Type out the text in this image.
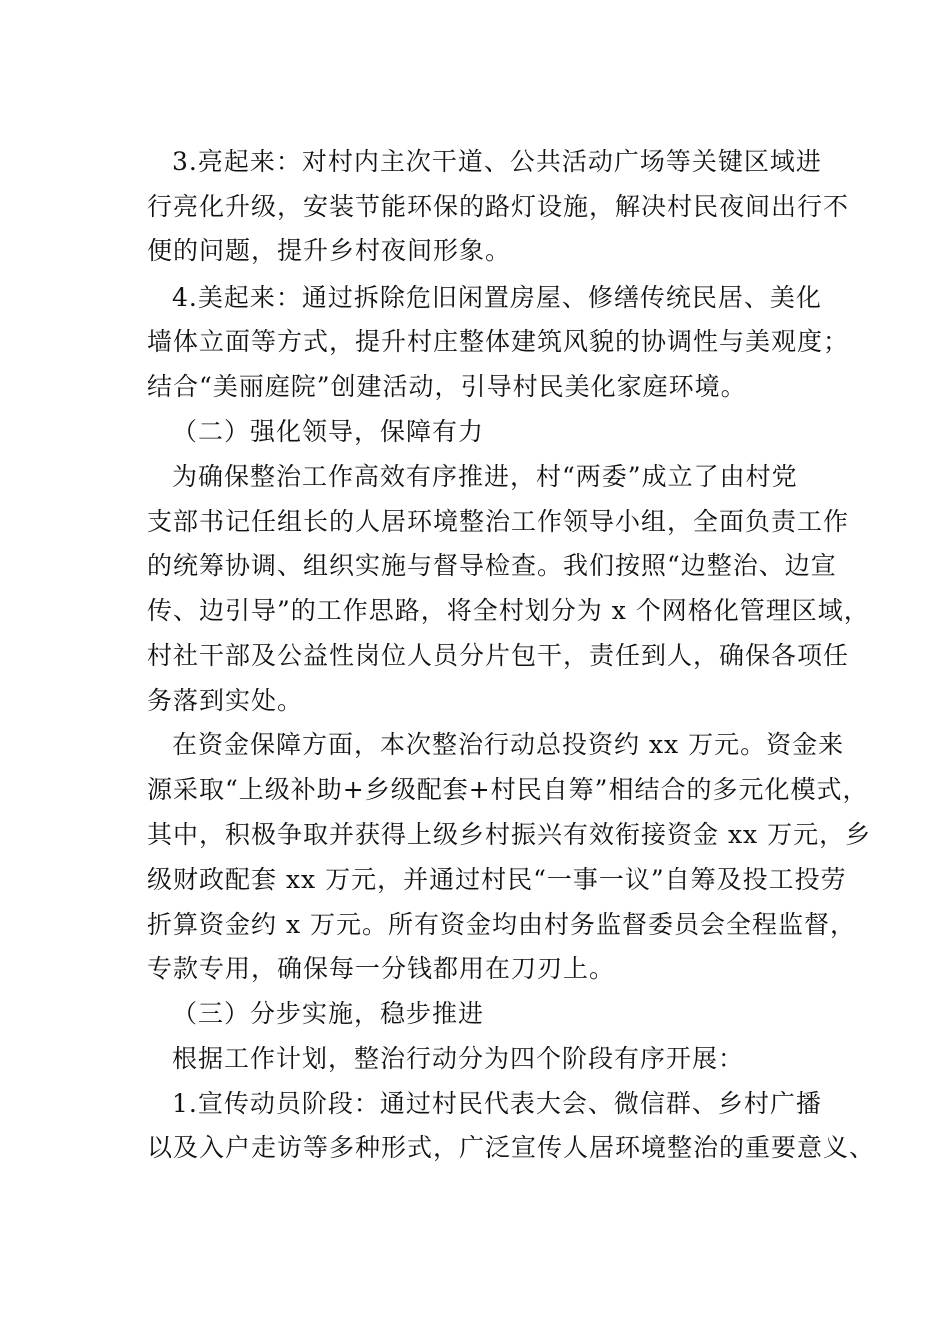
3.亮起来：对村内主次干道、公共活动广场等关键区域进
行亮化升级，安装节能环保的路灯设施，解决村民夜间出行不
便的问题，提升乡村夜间形象。
4.美起来：通过拆除危旧闲置房屋、修缮传统民居、美化
墙体立面等方式，提升村庄整体建筑风貌的协调性与美观度；
结合“美丽庭院”创建活动，引导村民美化家庭环境。
（二）强化领导，保障有力
为确保整治工作高效有序推进，村“两委”成立了由村党
支部书记任组长的人居环境整治工作领导小组，全面负责工作
的统筹协调、组织实施与督导检查。我们按照“边整治、边宣
传、边引导”的工作思路，将全村划分为 x 个网格化管理区域，
村社干部及公益性岗位人员分片包干，责任到人，确保各项任
务落到实处。
在资金保障方面，本次整治行动总投资约 xx 万元。资金来
源采取“上级补助+乡级配套+村民自筹”相结合的多元化模式，
其中，积极争取并获得上级乡村振兴有效衔接资金 xx 万元，乡
级财政配套 xx 万元，并通过村民“一事一议”自筹及投工投劳
折算资金约 x 万元。所有资金均由村务监督委员会全程监督，
专款专用，确保每一分钱都用在刀刃上。
（三）分步实施，稳步推进
根据工作计划，整治行动分为四个阶段有序开展：
1.宣传动员阶段：通过村民代表大会、微信群、乡村广播
以及入户走访等多种形式，广泛宣传人居环境整治的重要意义、
